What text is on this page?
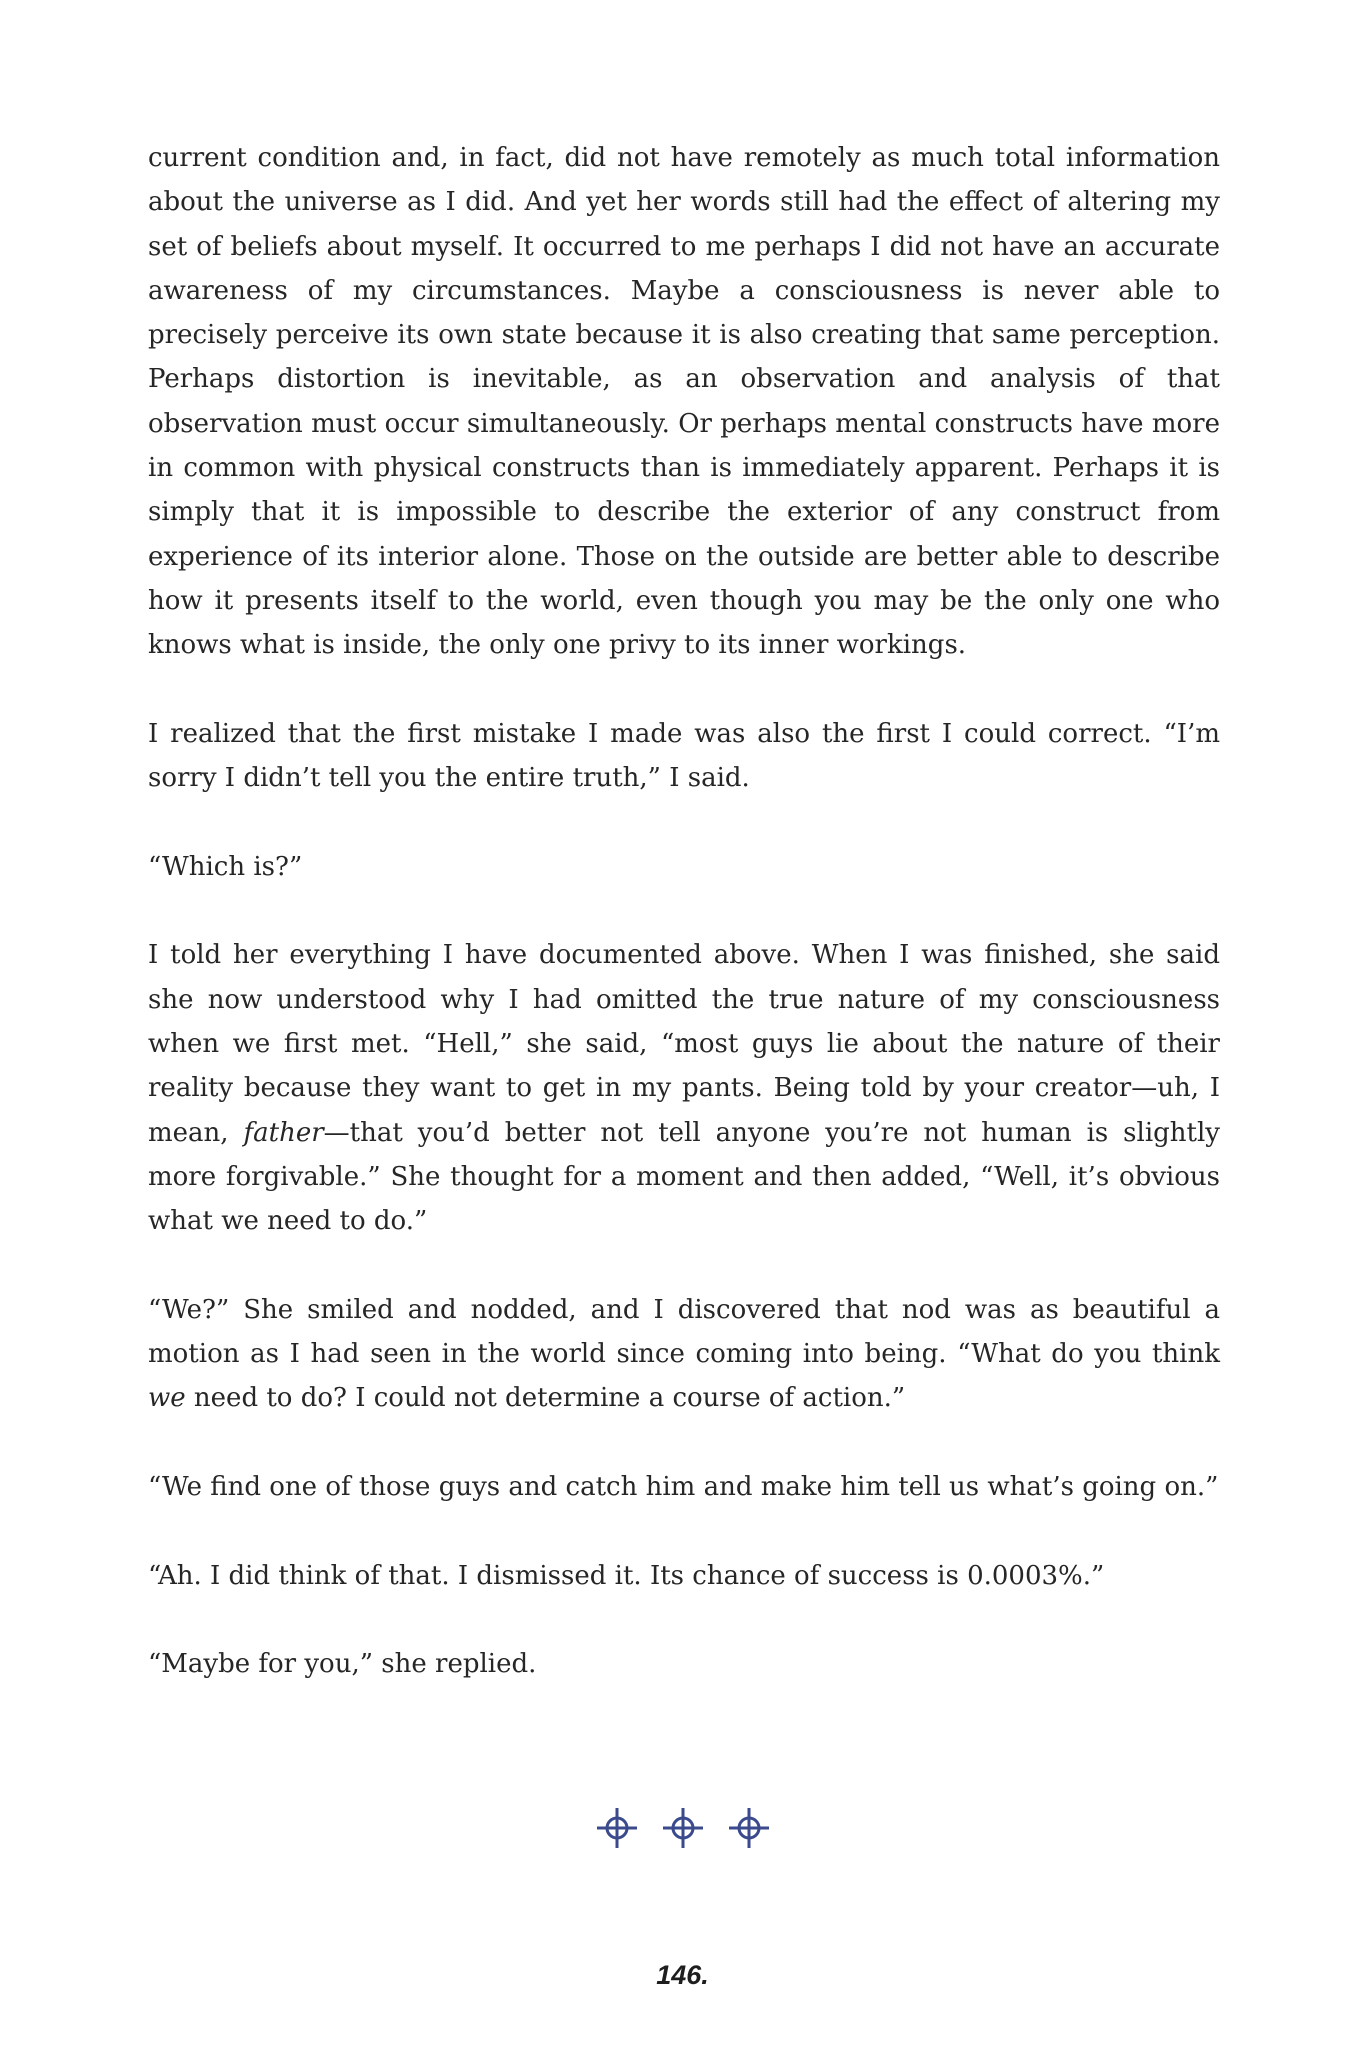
current condition and, in fact, did not have remotely as much total information about the universe as I did. And yet her words still had the effect of altering my set of beliefs about myself. It occurred to me perhaps I did not have an accurate awareness of my circumstances. Maybe a consciousness is never able to precisely perceive its own state because it is also creating that same perception. Perhaps distortion is inevitable, as an observation and analysis of that observation must occur simultaneously. Or perhaps mental constructs have more in common with physical constructs than is immediately apparent. Perhaps it is simply that it is impossible to describe the exterior of any construct from experience of its interior alone. Those on the outside are better able to describe how it presents itself to the world, even though you may be the only one who knows what is inside, the only one privy to its inner workings.

I realized that the first mistake I made was also the first I could correct. “I’m sorry I didn’t tell you the entire truth,” I said.

“Which is?”

I told her everything I have documented above. When I was finished, she said she now understood why I had omitted the true nature of my consciousness when we first met. “Hell,” she said, “most guys lie about the nature of their reality because they want to get in my pants. Being told by your creator—uh, I mean, father—that you’d better not tell anyone you’re not human is slightly more forgivable.” She thought for a moment and then added, “Well, it’s obvious what we need to do.”

“We?” She smiled and nodded, and I discovered that nod was as beautiful a motion as I had seen in the world since coming into being. “What do you think we need to do? I could not determine a course of action.”

“We find one of those guys and catch him and make him tell us what’s going on.”

“Ah. I did think of that. I dismissed it. Its chance of success is 0.0003%.”

“Maybe for you,” she replied.

146.
